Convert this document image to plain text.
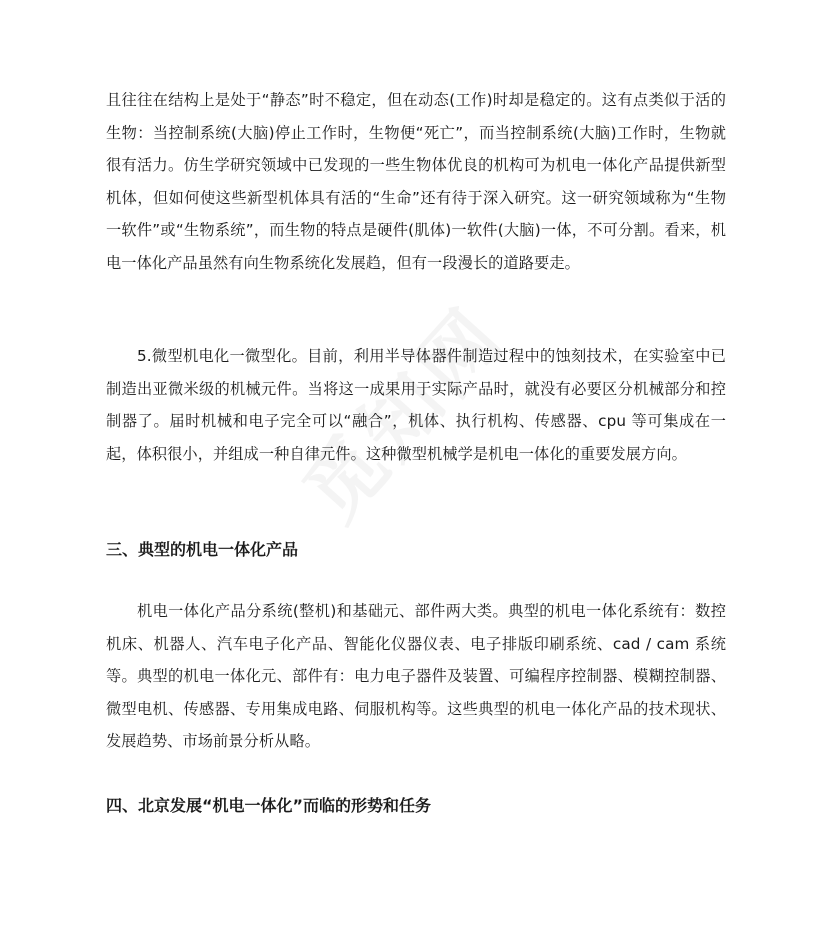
且往往在结构上是处于“静态”时不稳定，但在动态(工作)时却是稳定的。这有点类似于活的生物：当控制系统(大脑)停止工作时，生物便“死亡”，而当控制系统(大脑)工作时，生物就很有活力。仿生学研究领域中已发现的一些生物体优良的机构可为机电一体化产品提供新型机体，但如何使这些新型机体具有活的“生命”还有待于深入研究。这一研究领域称为“生物一软件”或“生物系统”，而生物的特点是硬件(肌体)一软件(大脑)一体，不可分割。看来，机电一体化产品虽然有向生物系统化发展趋，但有一段漫长的道路要走。

5.微型机电化一微型化。目前，利用半导体器件制造过程中的蚀刻技术，在实验室中已制造出亚微米级的机械元件。当将这一成果用于实际产品时，就没有必要区分机械部分和控制器了。届时机械和电子完全可以“融合”，机体、执行机构、传感器、cpu 等可集成在一起，体积很小，并组成一种自律元件。这种微型机械学是机电一体化的重要发展方向。

三、典型的机电一体化产品

机电一体化产品分系统(整机)和基础元、部件两大类。典型的机电一体化系统有：数控机床、机器人、汽车电子化产品、智能化仪器仪表、电子排版印刷系统、cad / cam 系统等。典型的机电一体化元、部件有：电力电子器件及装置、可编程序控制器、模糊控制器、微型电机、传感器、专用集成电路、伺服机构等。这些典型的机电一体化产品的技术现状、发展趋势、市场前景分析从略。

四、北京发展“机电一体化”而临的形势和任务
